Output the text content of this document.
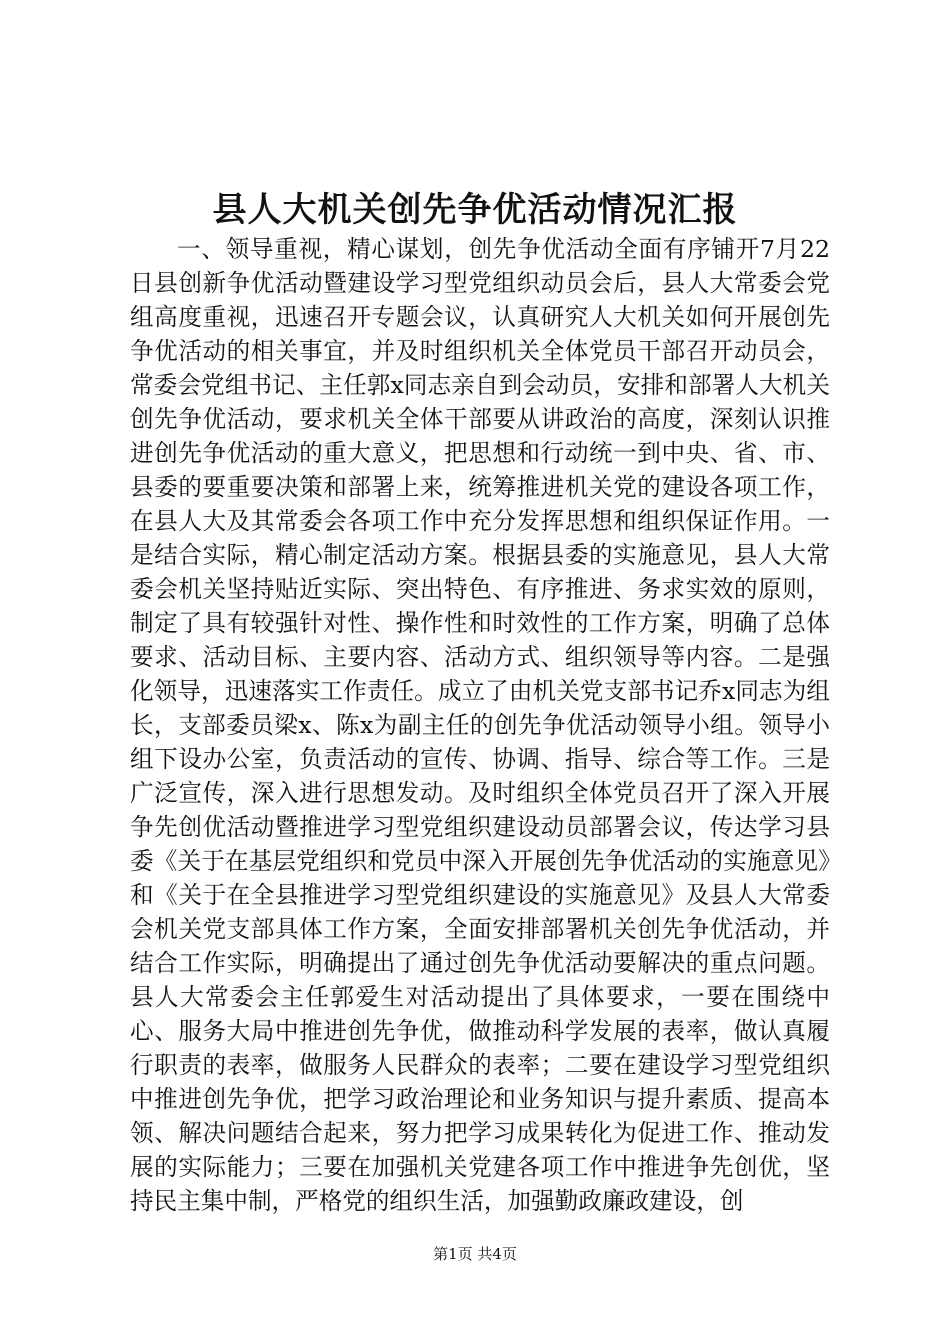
县人大机关创先争优活动情况汇报

一、领导重视，精心谋划，创先争优活动全面有序铺开7月22日县创新争优活动暨建设学习型党组织动员会后，县人大常委会党组高度重视，迅速召开专题会议，认真研究人大机关如何开展创先争优活动的相关事宜，并及时组织机关全体党员干部召开动员会，常委会党组书记、主任郭x同志亲自到会动员，安排和部署人大机关创先争优活动，要求机关全体干部要从讲政治的高度，深刻认识推进创先争优活动的重大意义，把思想和行动统一到中央、省、市、县委的要重要决策和部署上来，统筹推进机关党的建设各项工作，在县人大及其常委会各项工作中充分发挥思想和组织保证作用。一是结合实际，精心制定活动方案。根据县委的实施意见，县人大常委会机关坚持贴近实际、突出特色、有序推进、务求实效的原则，制定了具有较强针对性、操作性和时效性的工作方案，明确了总体要求、活动目标、主要内容、活动方式、组织领导等内容。二是强化领导，迅速落实工作责任。成立了由机关党支部书记乔x同志为组长，支部委员梁x、陈x为副主任的创先争优活动领导小组。领导小组下设办公室，负责活动的宣传、协调、指导、综合等工作。三是广泛宣传，深入进行思想发动。及时组织全体党员召开了深入开展争先创优活动暨推进学习型党组织建设动员部署会议，传达学习县委《关于在基层党组织和党员中深入开展创先争优活动的实施意见》和《关于在全县推进学习型党组织建设的实施意见》及县人大常委会机关党支部具体工作方案，全面安排部署机关创先争优活动，并结合工作实际，明确提出了通过创先争优活动要解决的重点问题。县人大常委会主任郭爱生对活动提出了具体要求，一要在围绕中心、服务大局中推进创先争优，做推动科学发展的表率，做认真履行职责的表率，做服务人民群众的表率；二要在建设学习型党组织中推进创先争优，把学习政治理论和业务知识与提升素质、提高本领、解决问题结合起来，努力把学习成果转化为促进工作、推动发展的实际能力；三要在加强机关党建各项工作中推进争先创优，坚持民主集中制，严格党的组织生活，加强勤政廉政建设，创

第1页 共4页
